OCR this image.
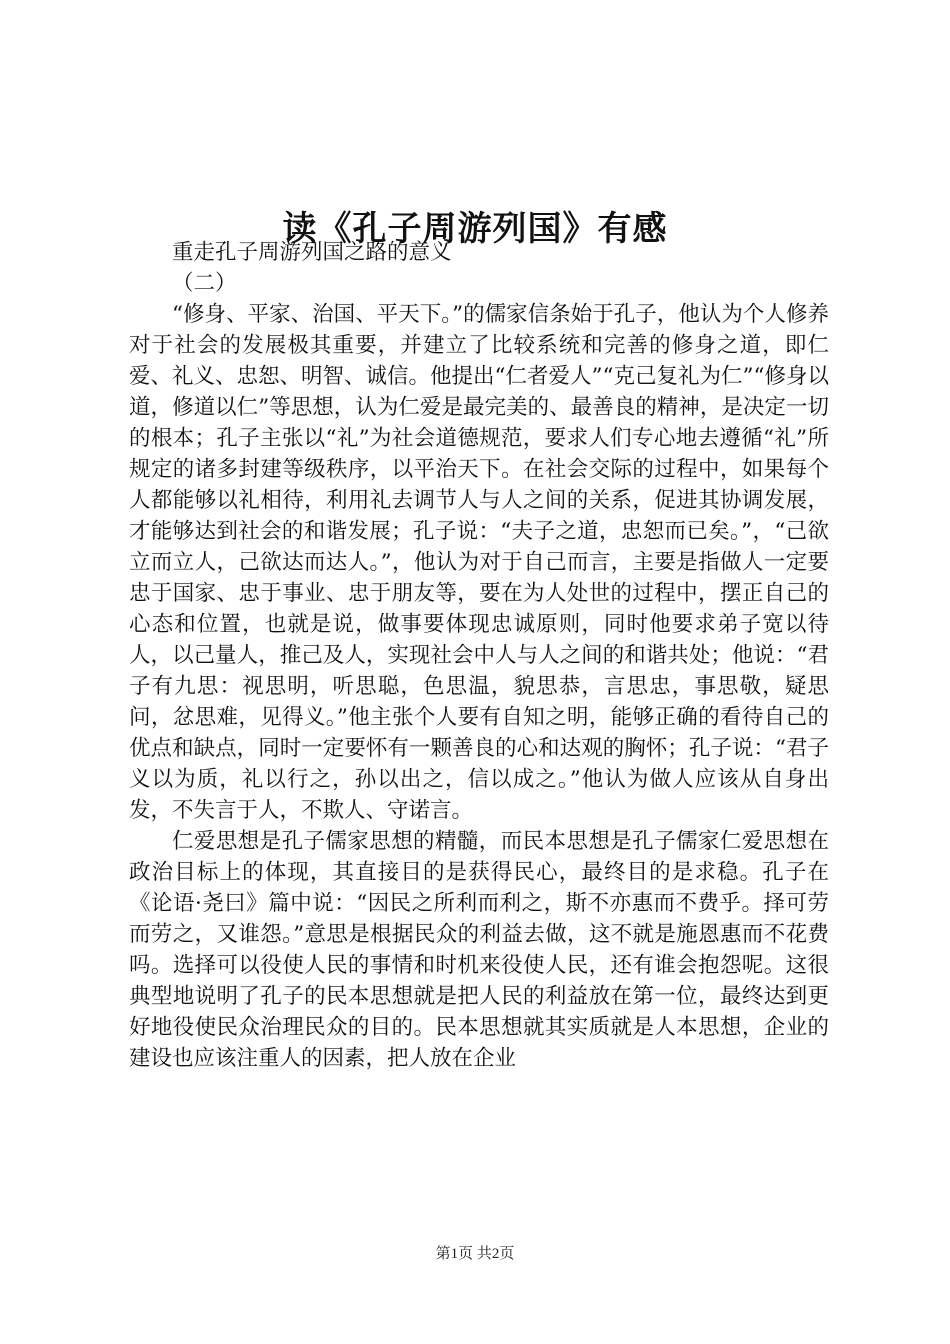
读《孔子周游列国》有感

重走孔子周游列国之路的意义

（二）

“修身、平家、治国、平天下。”的儒家信条始于孔子，他认为个人修养对于社会的发展极其重要，并建立了比较系统和完善的修身之道，即仁爱、礼义、忠恕、明智、诚信。他提出“仁者爱人”“克己复礼为仁”“修身以道，修道以仁”等思想，认为仁爱是最完美的、最善良的精神，是决定一切的根本；孔子主张以“礼”为社会道德规范，要求人们专心地去遵循“礼”所规定的诸多封建等级秩序，以平治天下。在社会交际的过程中，如果每个人都能够以礼相待，利用礼去调节人与人之间的关系，促进其协调发展，才能够达到社会的和谐发展；孔子说：“夫子之道，忠恕而已矣。”，“己欲立而立人，己欲达而达人。”，他认为对于自己而言，主要是指做人一定要忠于国家、忠于事业、忠于朋友等，要在为人处世的过程中，摆正自己的心态和位置，也就是说，做事要体现忠诚原则，同时他要求弟子宽以待人，以己量人，推己及人，实现社会中人与人之间的和谐共处；他说：“君子有九思：视思明，听思聪，色思温，貌思恭，言思忠，事思敬，疑思问，忿思难，见得义。”他主张个人要有自知之明，能够正确的看待自己的优点和缺点，同时一定要怀有一颗善良的心和达观的胸怀；孔子说：“君子义以为质，礼以行之，孙以出之，信以成之。”他认为做人应该从自身出发，不失言于人，不欺人、守诺言。

仁爱思想是孔子儒家思想的精髓，而民本思想是孔子儒家仁爱思想在政治目标上的体现，其直接目的是获得民心，最终目的是求稳。孔子在《论语·尧曰》篇中说：“因民之所利而利之，斯不亦惠而不费乎。择可劳而劳之，又谁怨。”意思是根据民众的利益去做，这不就是施恩惠而不花费吗。选择可以役使人民的事情和时机来役使人民，还有谁会抱怨呢。这很典型地说明了孔子的民本思想就是把人民的利益放在第一位，最终达到更好地役使民众治理民众的目的。民本思想就其实质就是人本思想，企业的建设也应该注重人的因素，把人放在企业

第1页 共2页
